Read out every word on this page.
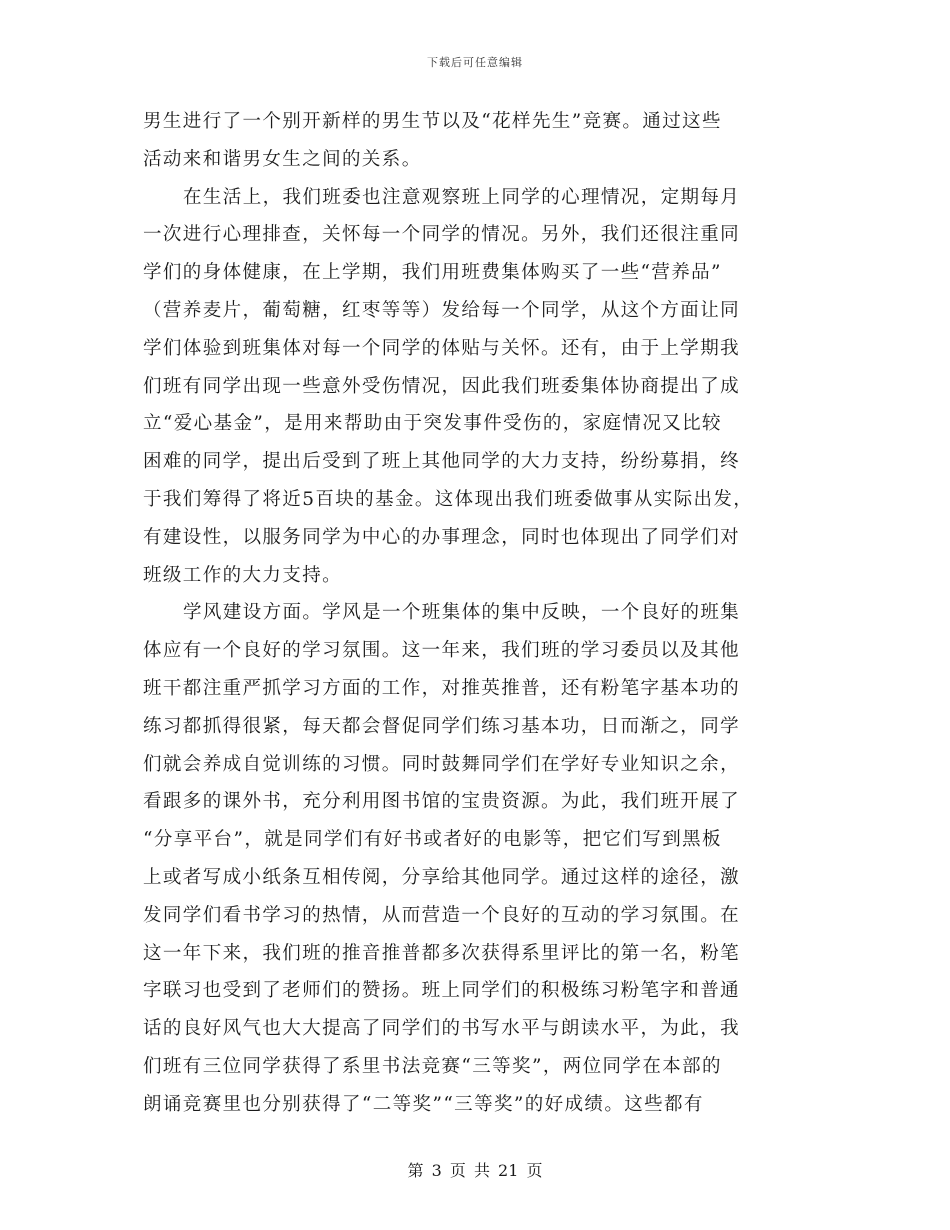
下载后可任意编辑
男生进行了一个别开新样的男生节以及“花样先生”竞赛。通过这些
活动来和谐男女生之间的关系。
在生活上，我们班委也注意观察班上同学的心理情况，定期每月
一次进行心理排查，关怀每一个同学的情况。另外，我们还很注重同
学们的身体健康，在上学期，我们用班费集体购买了一些“营养品”
（营养麦片，葡萄糖，红枣等等）发给每一个同学，从这个方面让同
学们体验到班集体对每一个同学的体贴与关怀。还有，由于上学期我
们班有同学出现一些意外受伤情况，因此我们班委集体协商提出了成
立“爱心基金”，是用来帮助由于突发事件受伤的，家庭情况又比较
困难的同学，提出后受到了班上其他同学的大力支持，纷纷募捐，终
于我们筹得了将近5百块的基金。这体现出我们班委做事从实际出发，
有建设性，以服务同学为中心的办事理念，同时也体现出了同学们对
班级工作的大力支持。
学风建设方面。学风是一个班集体的集中反映，一个良好的班集
体应有一个良好的学习氛围。这一年来，我们班的学习委员以及其他
班干都注重严抓学习方面的工作，对推英推普，还有粉笔字基本功的
练习都抓得很紧，每天都会督促同学们练习基本功，日而渐之，同学
们就会养成自觉训练的习惯。同时鼓舞同学们在学好专业知识之余，
看跟多的课外书，充分利用图书馆的宝贵资源。为此，我们班开展了
“分享平台”，就是同学们有好书或者好的电影等，把它们写到黑板
上或者写成小纸条互相传阅，分享给其他同学。通过这样的途径，激
发同学们看书学习的热情，从而营造一个良好的互动的学习氛围。在
这一年下来，我们班的推音推普都多次获得系里评比的第一名，粉笔
字联习也受到了老师们的赞扬。班上同学们的积极练习粉笔字和普通
话的良好风气也大大提高了同学们的书写水平与朗读水平，为此，我
们班有三位同学获得了系里书法竞赛“三等奖”，两位同学在本部的
朗诵竞赛里也分别获得了“二等奖”“三等奖”的好成绩。这些都有
第 3 页 共 21 页
